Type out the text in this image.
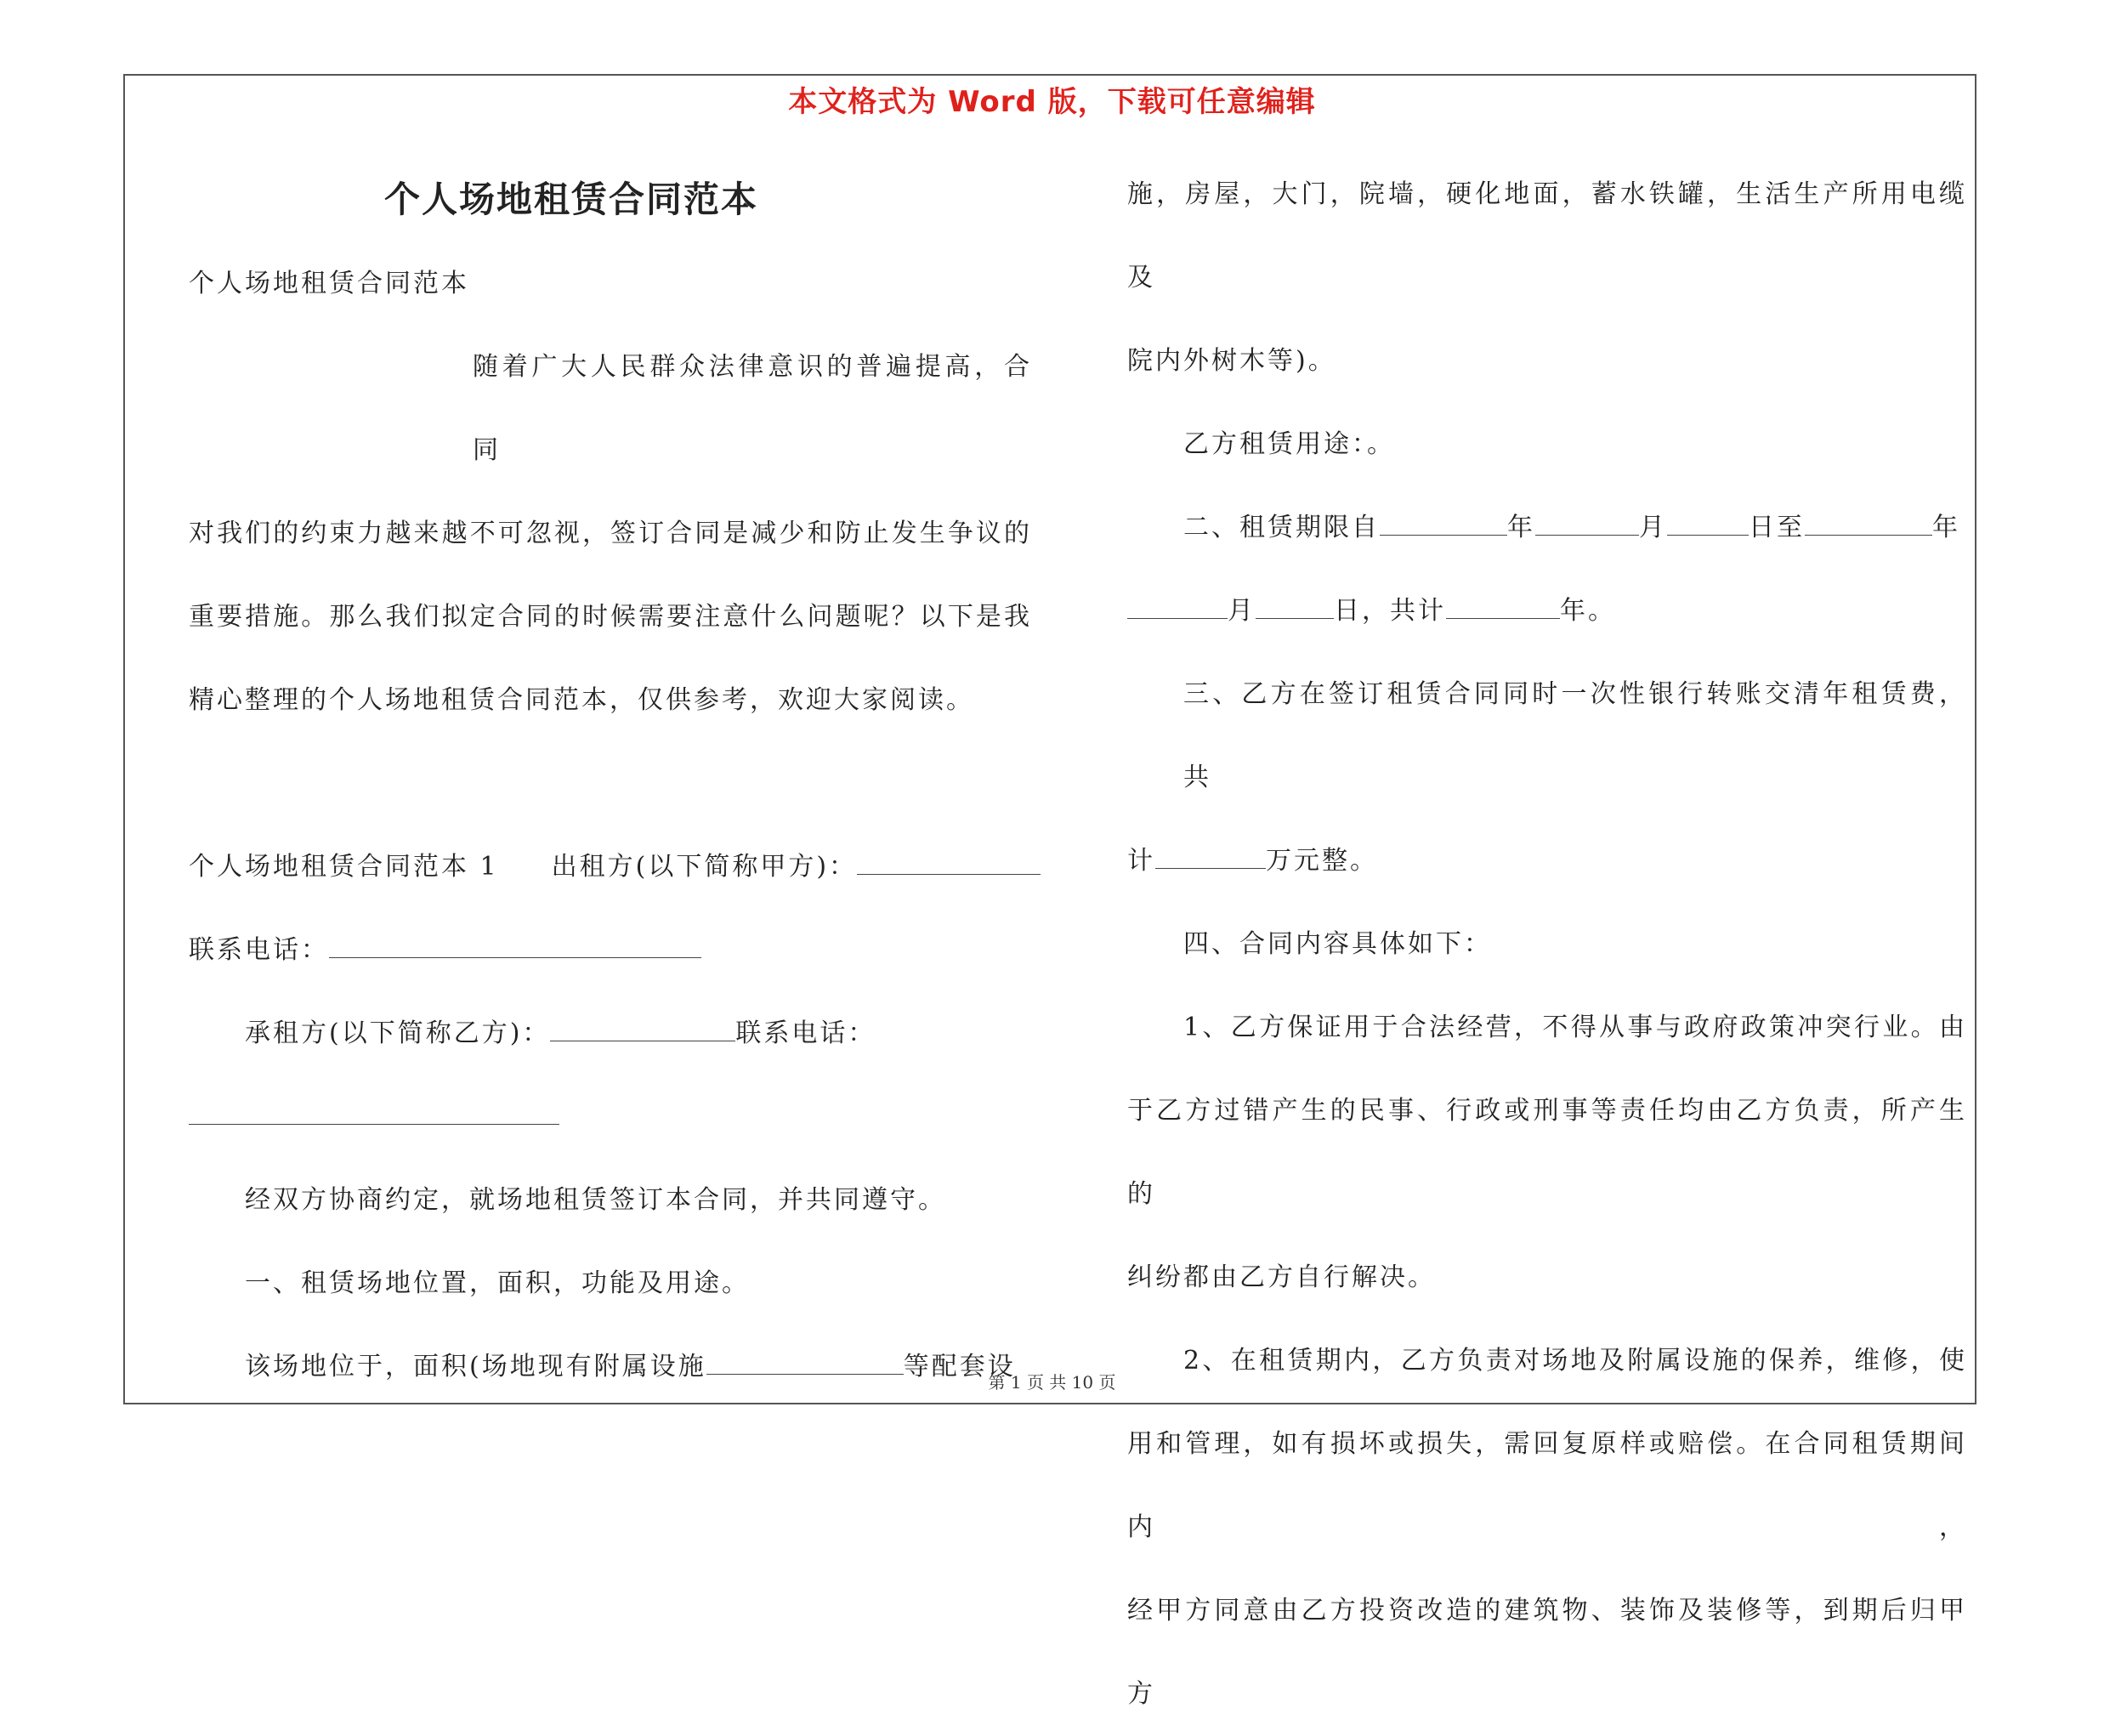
本文格式为 Word 版，下载可任意编辑
个人场地租赁合同范本
个人场地租赁合同范本
随着广大人民群众法律意识的普遍提高，合同
对我们的约束力越来越不可忽视，签订合同是减少和防止发生争议的
重要措施。那么我们拟定合同的时候需要注意什么问题呢？以下是我
精心整理的个人场地租赁合同范本，仅供参考，欢迎大家阅读。
个人场地租赁合同范本 1 出租方(以下简称甲方)：
联系电话：
承租方(以下简称乙方)：	联系电话：
经双方协商约定，就场地租赁签订本合同，并共同遵守。
一、租赁场地位置，面积，功能及用途。
该场地位于，面积(场地现有附属设施	等配套设
施，房屋，大门，院墙，硬化地面，蓄水铁罐，生活生产所用电缆及
院内外树木等)。
乙方租赁用途：。
二、租赁期限自	年	月	日至	年
月	日，共计	年。
三、乙方在签订租赁合同同时一次性银行转账交清年租赁费，共
计	万元整。
四、合同内容具体如下：
1、乙方保证用于合法经营，不得从事与政府政策冲突行业。由
于乙方过错产生的民事、行政或刑事等责任均由乙方负责，所产生的
纠纷都由乙方自行解决。
2、在租赁期内，乙方负责对场地及附属设施的保养，维修，使
用和管理，如有损坏或损失，需回复原样或赔偿。在合同租赁期间内，
经甲方同意由乙方投资改造的建筑物、装饰及装修等，到期后归甲方
第 1 页 共 10 页
